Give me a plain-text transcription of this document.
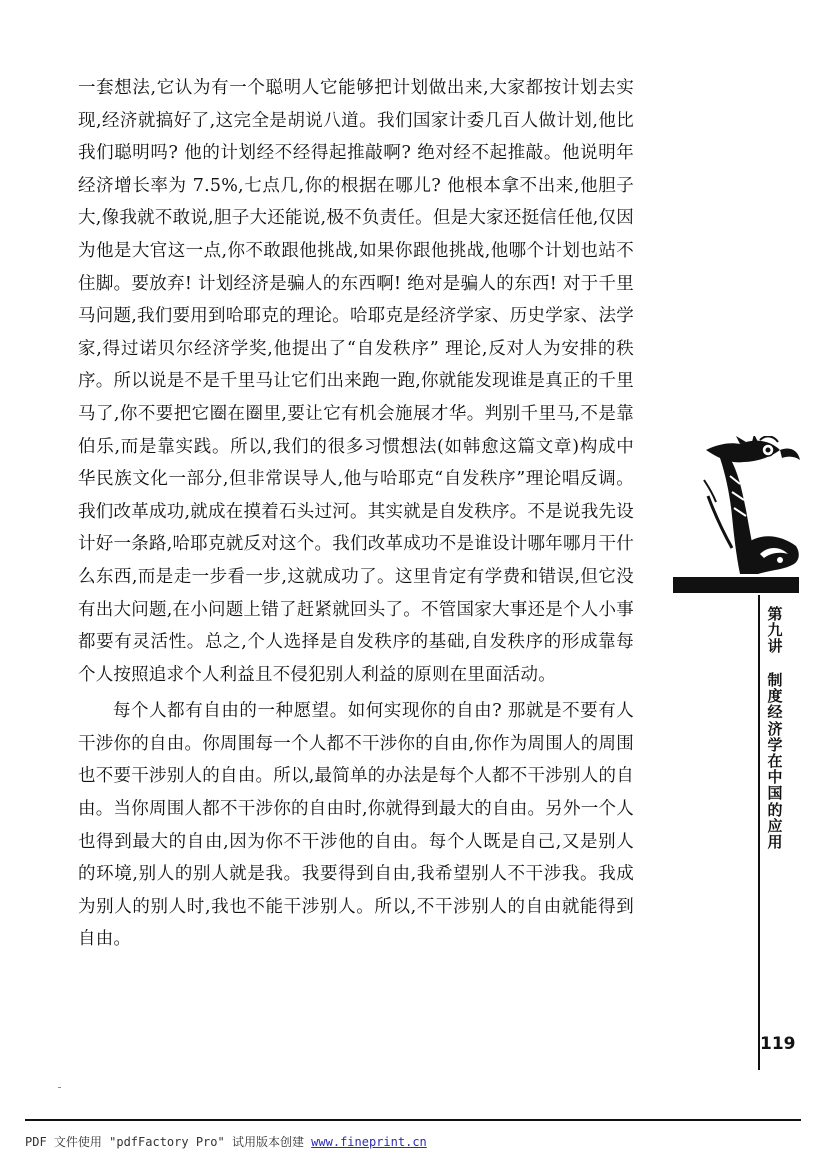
一套想法,它认为有一个聪明人它能够把计划做出来,大家都按计划去实现,经济就搞好了,这完全是胡说八道。我们国家计委几百人做计划,他比我们聪明吗? 他的计划经不经得起推敲啊? 绝对经不起推敲。他说明年经济增长率为 7.5%,七点几,你的根据在哪儿? 他根本拿不出来,他胆子大,像我就不敢说,胆子大还能说,极不负责任。但是大家还挺信任他,仅因为他是大官这一点,你不敢跟他挑战,如果你跟他挑战,他哪个计划也站不住脚。要放弃! 计划经济是骗人的东西啊! 绝对是骗人的东西! 对于千里马问题,我们要用到哈耶克的理论。哈耶克是经济学家、历史学家、法学家,得过诺贝尔经济学奖,他提出了“自发秩序” 理论,反对人为安排的秩序。所以说是不是千里马让它们出来跑一跑,你就能发现谁是真正的千里马了,你不要把它圈在圈里,要让它有机会施展才华。判别千里马,不是靠伯乐,而是靠实践。所以,我们的很多习惯想法(如韩愈这篇文章)构成中华民族文化一部分,但非常误导人,他与哈耶克“自发秩序”理论唱反调。我们改革成功,就成在摸着石头过河。其实就是自发秩序。不是说我先设计好一条路,哈耶克就反对这个。我们改革成功不是谁设计哪年哪月干什么东西,而是走一步看一步,这就成功了。这里肯定有学费和错误,但它没有出大问题,在小问题上错了赶紧就回头了。不管国家大事还是个人小事都要有灵活性。总之,个人选择是自发秩序的基础,自发秩序的形成靠每个人按照追求个人利益且不侵犯别人利益的原则在里面活动。

每个人都有自由的一种愿望。如何实现你的自由? 那就是不要有人干涉你的自由。你周围每一个人都不干涉你的自由,你作为周围人的周围也不要干涉别人的自由。所以,最简单的办法是每个人都不干涉别人的自由。当你周围人都不干涉你的自由时,你就得到最大的自由。另外一个人也得到最大的自由,因为你不干涉他的自由。每个人既是自己,又是别人的环境,别人的别人就是我。我要得到自由,我希望别人不干涉我。我成为别人的别人时,我也不能干涉别人。所以,不干涉别人的自由就能得到自由。

第九讲
制度经济学在中国的应用
119
PDF 文件使用 "pdfFactory Pro" 试用版本创建 www.fineprint.cn
